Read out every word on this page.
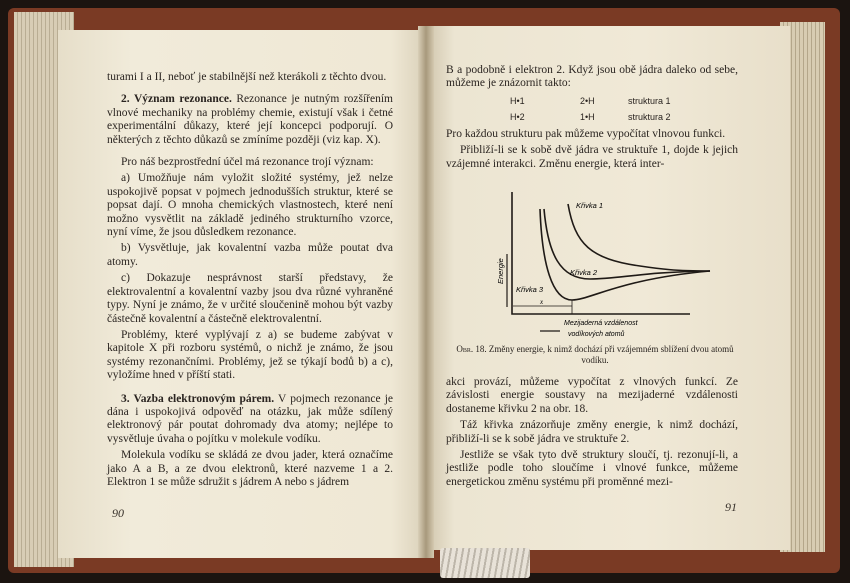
turami I a II, neboť je stabilnější než kterákoli z těchto dvou.

2. Význam rezonance. Rezonance je nutným rozšířením vlnové mechaniky na problémy chemie, existují však i četné experimentální důkazy, které její koncepci podporují. O některých z těchto důkazů se zmíníme později (viz kap. X).

Pro náš bezprostřední účel má rezonance trojí význam:

a) Umožňuje nám vyložit složité systémy, jež nelze uspokojivě popsat v pojmech jednodušších struktur, které se popsat dají. O mnoha chemických vlastnostech, které není možno vysvětlit na základě jediného strukturního vzorce, nyní víme, že jsou důsledkem rezonance.

b) Vysvětluje, jak kovalentní vazba může poutat dva atomy.

c) Dokazuje nesprávnost starší představy, že elektrovalentní a kovalentní vazby jsou dva různé vyhraněné typy. Nyní je známo, že v určité sloučenině mohou být vazby částečně kovalentní a částečně elektrovalentní.

Problémy, které vyplývají z a) se budeme zabývat v kapitole X při rozboru systémů, o nichž je známo, že jsou systémy rezonančními. Problémy, jež se týkají bodů b) a c), vyložíme hned v příští stati.

3. Vazba elektronovým párem. V pojmech rezonance je dána i uspokojivá odpověď na otázku, jak může sdílený elektronový pár poutat dohromady dva atomy; nejlépe to vysvětluje úvaha o pojítku v molekule vodíku.

Molekula vodíku se skládá ze dvou jader, která označíme jako A a B, a ze dvou elektronů, které nazveme 1 a 2. Elektron 1 se může sdružit s jádrem A nebo s jádrem

90

B a podobně i elektron 2. Když jsou obě jádra daleko od sebe, můžeme je znázornit takto:

H•1	2•H	struktura 1
H•2	1•H	struktura 2

Pro každou strukturu pak můžeme vypočítat vlnovou funkci.

Přibliží-li se k sobě dvě jádra ve struktuře 1, dojde k jejich vzájemné interakci. Změnu energie, která inter-

Křivka 1
Křivka 2
Křivka 3
x
Energie
Mezijaderná vzdálenost
vodíkových atomů
Obr. 18. Změny energie, k nimž dochází při vzájemném sblížení dvou atomů vodíku.

akci provází, můžeme vypočítat z vlnových funkcí. Ze závislosti energie soustavy na mezijaderné vzdálenosti dostaneme křivku 2 na obr. 18.

Táž křivka znázorňuje změny energie, k nimž dochází, přibliží-li se k sobě jádra ve struktuře 2.

Jestliže se však tyto dvě struktury sloučí, tj. rezonují-li, a jestliže podle toho sloučíme i vlnové funkce, můžeme energetickou změnu systému při proměnné mezi-

91
